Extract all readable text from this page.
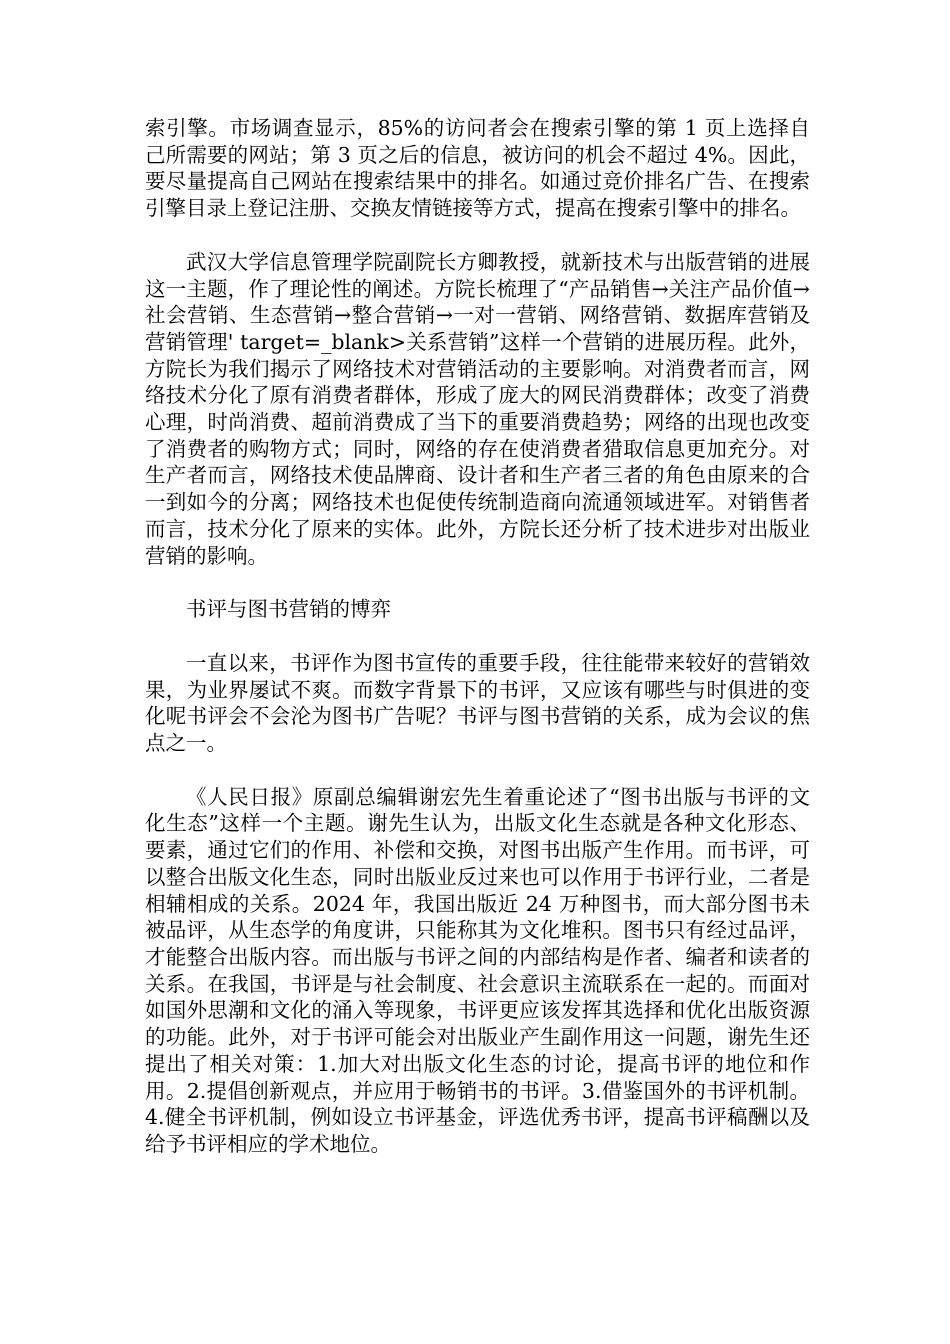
索引擎。市场调查显示，85%的访问者会在搜索引擎的第 1 页上选择自己所需要的网站；第 3 页之后的信息，被访问的机会不超过 4%。因此，要尽量提高自己网站在搜索结果中的排名。如通过竞价排名广告、在搜索引擎目录上登记注册、交换友情链接等方式，提高在搜索引擎中的排名。

武汉大学信息管理学院副院长方卿教授，就新技术与出版营销的进展这一主题，作了理论性的阐述。方院长梳理了“产品销售→关注产品价值→社会营销、生态营销→整合营销→一对一营销、网络营销、数据库营销及营销管理' target=_blank>关系营销”这样一个营销的进展历程。此外，方院长为我们揭示了网络技术对营销活动的主要影响。对消费者而言，网络技术分化了原有消费者群体，形成了庞大的网民消费群体；改变了消费心理，时尚消费、超前消费成了当下的重要消费趋势；网络的出现也改变了消费者的购物方式；同时，网络的存在使消费者猎取信息更加充分。对生产者而言，网络技术使品牌商、设计者和生产者三者的角色由原来的合一到如今的分离；网络技术也促使传统制造商向流通领域进军。对销售者而言，技术分化了原来的实体。此外，方院长还分析了技术进步对出版业营销的影响。

书评与图书营销的博弈

一直以来，书评作为图书宣传的重要手段，往往能带来较好的营销效果，为业界屡试不爽。而数字背景下的书评，又应该有哪些与时俱进的变化呢书评会不会沦为图书广告呢？书评与图书营销的关系，成为会议的焦点之一。

《人民日报》原副总编辑谢宏先生着重论述了“图书出版与书评的文化生态”这样一个主题。谢先生认为，出版文化生态就是各种文化形态、要素，通过它们的作用、补偿和交换，对图书出版产生作用。而书评，可以整合出版文化生态，同时出版业反过来也可以作用于书评行业，二者是相辅相成的关系。2024 年，我国出版近 24 万种图书，而大部分图书未被品评，从生态学的角度讲，只能称其为文化堆积。图书只有经过品评，才能整合出版内容。而出版与书评之间的内部结构是作者、编者和读者的关系。在我国，书评是与社会制度、社会意识主流联系在一起的。而面对如国外思潮和文化的涌入等现象，书评更应该发挥其选择和优化出版资源的功能。此外，对于书评可能会对出版业产生副作用这一问题，谢先生还提出了相关对策：1.加大对出版文化生态的讨论，提高书评的地位和作用。2.提倡创新观点，并应用于畅销书的书评。3.借鉴国外的书评机制。4.健全书评机制，例如设立书评基金，评选优秀书评，提高书评稿酬以及给予书评相应的学术地位。
